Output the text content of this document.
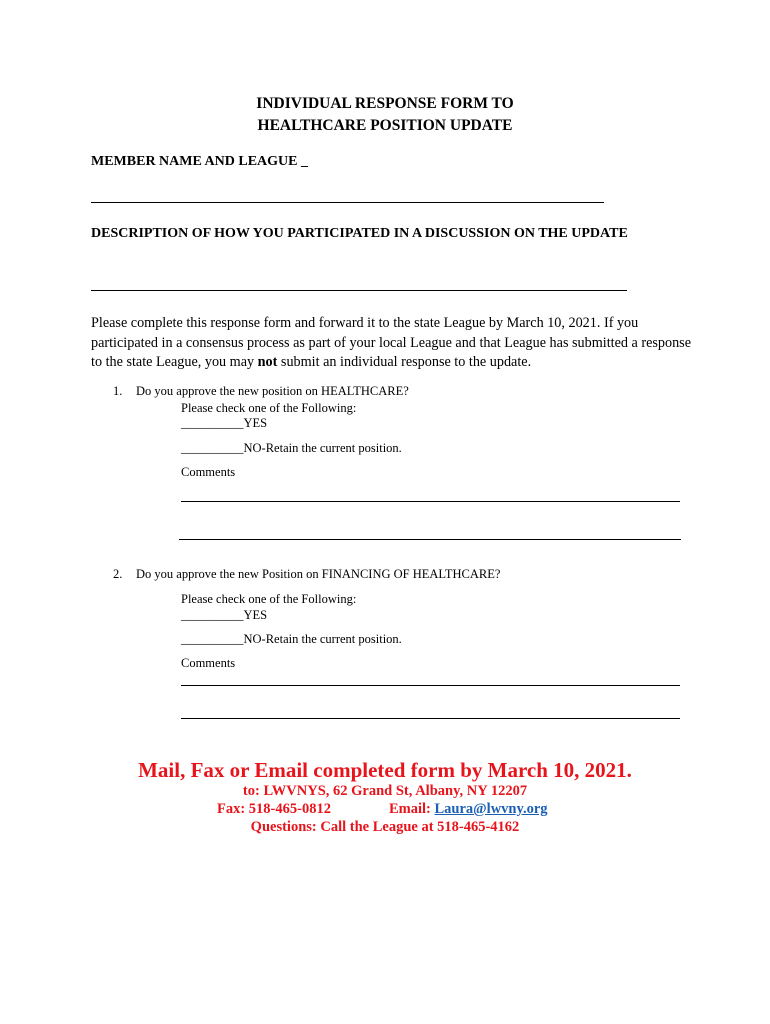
INDIVIDUAL RESPONSE FORM TO
HEALTHCARE POSITION UPDATE
MEMBER NAME AND LEAGUE _
DESCRIPTION OF HOW YOU PARTICIPATED IN A DISCUSSION ON THE UPDATE
Please complete this response form and forward it to the state League by March 10, 2021. If you participated in a consensus process as part of your local League and that League has submitted a response to the state League, you may not submit an individual response to the update.
1. Do you approve the new position on HEALTHCARE?
Please check one of the Following:
__________YES
__________NO-Retain the current position.
Comments
2. Do you approve the new Position on FINANCING OF HEALTHCARE?
Please check one of the Following:
__________YES
__________NO-Retain the current position.
Comments
Mail, Fax or Email completed form by March 10, 2021.
to: LWVNYS, 62 Grand St, Albany, NY 12207
Fax: 518-465-0812	Email: Laura@lwvny.org
Questions: Call the League at 518-465-4162
